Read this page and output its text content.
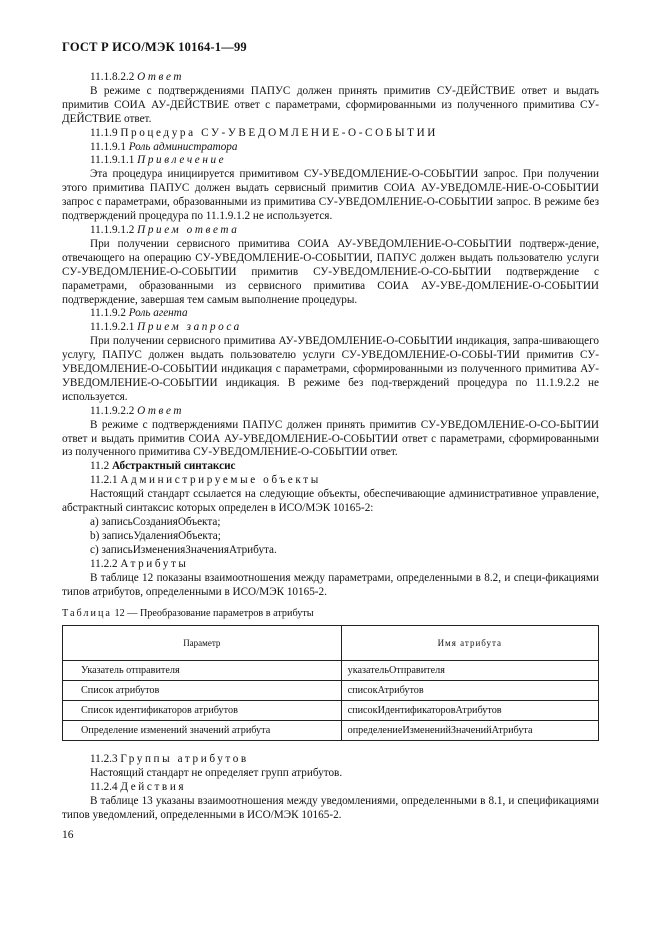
ГОСТ Р ИСО/МЭК 10164-1—99

11.1.8.2.2 Ответ

В режиме с подтверждениями ПАПУС должен принять примитив СУ-ДЕЙСТВИЕ ответ и выдать примитив СОИА АУ-ДЕЙСТВИЕ ответ с параметрами, сформированными из полученного примитива СУ-ДЕЙСТВИЕ ответ.

11.1.9 Процедура СУ-УВЕДОМЛЕНИЕ-О-СОБЫТИИ

11.1.9.1 Роль администратора

11.1.9.1.1 Привлечение

Эта процедура инициируется примитивом СУ-УВЕДОМЛЕНИЕ-О-СОБЫТИИ запрос. При получении этого примитива ПАПУС должен выдать сервисный примитив СОИА АУ-УВЕДОМЛЕ-НИЕ-О-СОБЫТИИ запрос с параметрами, образованными из примитива СУ-УВЕДОМЛЕНИЕ-О-СОБЫТИИ запрос. В режиме без подтверждений процедура по 11.1.9.1.2 не используется.

11.1.9.1.2 Прием ответа

При получении сервисного примитива СОИА АУ-УВЕДОМЛЕНИЕ-О-СОБЫТИИ подтверж-дение, отвечающего на операцию СУ-УВЕДОМЛЕНИЕ-О-СОБЫТИИ, ПАПУС должен выдать пользователю услуги СУ-УВЕДОМЛЕНИЕ-О-СОБЫТИИ примитив СУ-УВЕДОМЛЕНИЕ-О-СО-БЫТИИ подтверждение с параметрами, образованными из сервисного примитива СОИА АУ-УВЕ-ДОМЛЕНИЕ-О-СОБЫТИИ подтверждение, завершая тем самым выполнение процедуры.

11.1.9.2 Роль агента

11.1.9.2.1 Прием запроса

При получении сервисного примитива АУ-УВЕДОМЛЕНИЕ-О-СОБЫТИИ индикация, запра-шивающего услугу, ПАПУС должен выдать пользователю услуги СУ-УВЕДОМЛЕНИЕ-О-СОБЫ-ТИИ примитив СУ-УВЕДОМЛЕНИЕ-О-СОБЫТИИ индикация с параметрами, сформированными из полученного примитива АУ-УВЕДОМЛЕНИЕ-О-СОБЫТИИ индикация. В режиме без под-тверждений процедура по 11.1.9.2.2 не используется.

11.1.9.2.2 Ответ

В режиме с подтверждениями ПАПУС должен принять примитив СУ-УВЕДОМЛЕНИЕ-О-СО-БЫТИИ ответ и выдать примитив СОИА АУ-УВЕДОМЛЕНИЕ-О-СОБЫТИИ ответ с параметрами, сформированными из полученного примитива СУ-УВЕДОМЛЕНИЕ-О-СОБЫТИИ ответ.

11.2 Абстрактный синтаксис

11.2.1 Администрируемые объекты

Настоящий стандарт ссылается на следующие объекты, обеспечивающие административное управление, абстрактный синтаксис которых определен в ИСО/МЭК 10165-2:

а) записьСозданияОбъекта;

b) записьУдаленияОбъекта;

с) записьИзмененияЗначенияАтрибута.

11.2.2 Атрибуты

В таблице 12 показаны взаимоотношения между параметрами, определенными в 8.2, и специ-фикациями типов атрибутов, определенными в ИСО/МЭК 10165-2.

Таблица 12 — Преобразование параметров в атрибуты

Параметр	Имя атрибута
Указатель отправителя	указательОтправителя
Список атрибутов	списокАтрибутов
Список идентификаторов атрибутов	списокИдентификаторовАтрибутов
Определение изменений значений атрибута	определениеИзмененийЗначенийАтрибута

11.2.3 Группы атрибутов

Настоящий стандарт не определяет групп атрибутов.

11.2.4 Действия

В таблице 13 указаны взаимоотношения между уведомлениями, определенными в 8.1, и спецификациями типов уведомлений, определенными в ИСО/МЭК 10165-2.

16
